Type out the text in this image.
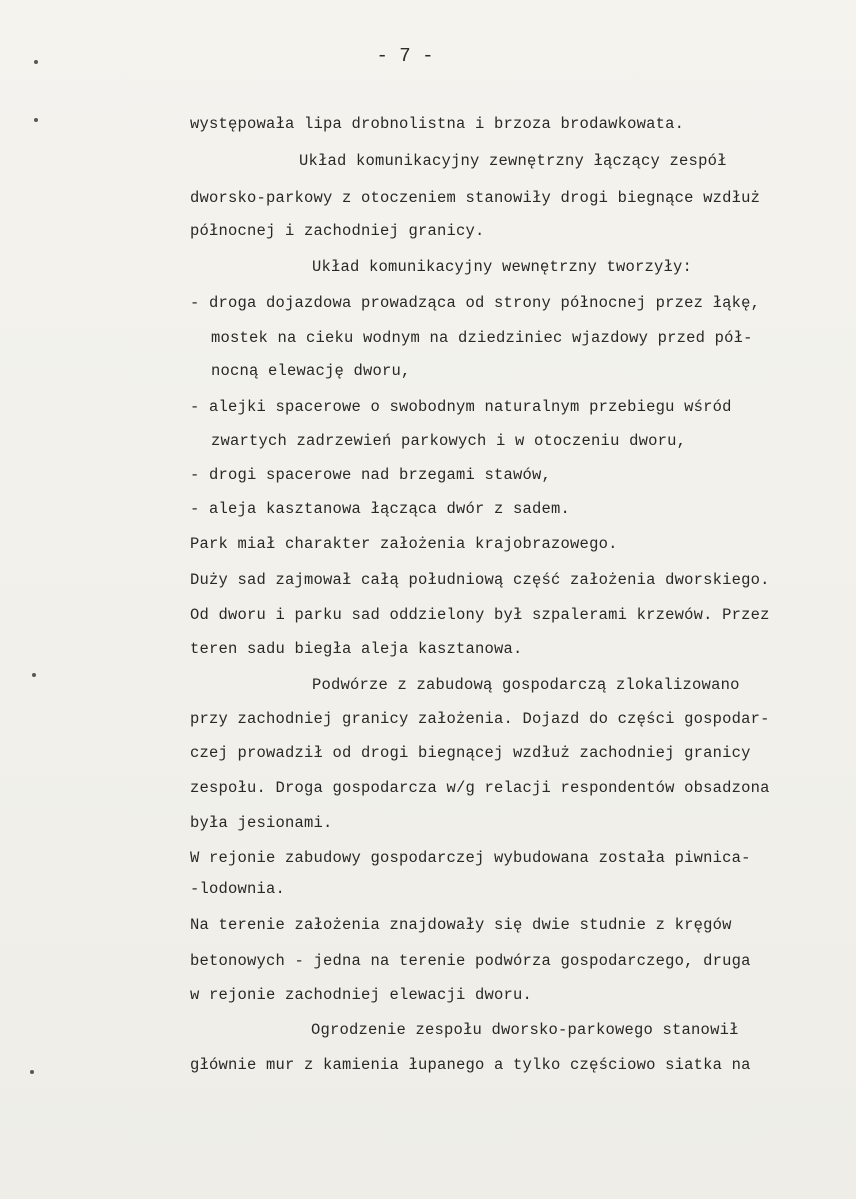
- 7 -
występowała lipa drobnolistna i brzoza brodawkowata.
Układ komunikacyjny zewnętrzny łączący zespół
dworsko-parkowy z otoczeniem stanowiły drogi biegnące wzdłuż
północnej i zachodniej granicy.
Układ komunikacyjny wewnętrzny tworzyły:
- droga dojazdowa prowadząca od strony północnej przez łąkę,
mostek na cieku wodnym na dziedziniec wjazdowy przed pół-
nocną elewację dworu,
- alejki spacerowe o swobodnym naturalnym przebiegu wśród
zwartych zadrzewień parkowych i w otoczeniu dworu,
- drogi spacerowe nad brzegami stawów,
- aleja kasztanowa łącząca dwór z sadem.
Park miał charakter założenia krajobrazowego.
Duży sad zajmował całą południową część założenia dworskiego.
Od dworu i parku sad oddzielony był szpalerami krzewów. Przez
teren sadu biegła aleja kasztanowa.
Podwórze z zabudową gospodarczą zlokalizowano
przy zachodniej granicy założenia. Dojazd do części gospodar-
czej prowadził od drogi biegnącej wzdłuż zachodniej granicy
zespołu. Droga gospodarcza w/g relacji respondentów obsadzona
była jesionami.
W rejonie zabudowy gospodarczej wybudowana została piwnica-
-lodownia.
Na terenie założenia znajdowały się dwie studnie z kręgów
betonowych - jedna na terenie podwórza gospodarczego, druga
w rejonie zachodniej elewacji dworu.
Ogrodzenie zespołu dworsko-parkowego stanowił
głównie mur z kamienia łupanego a tylko częściowo siatka na
